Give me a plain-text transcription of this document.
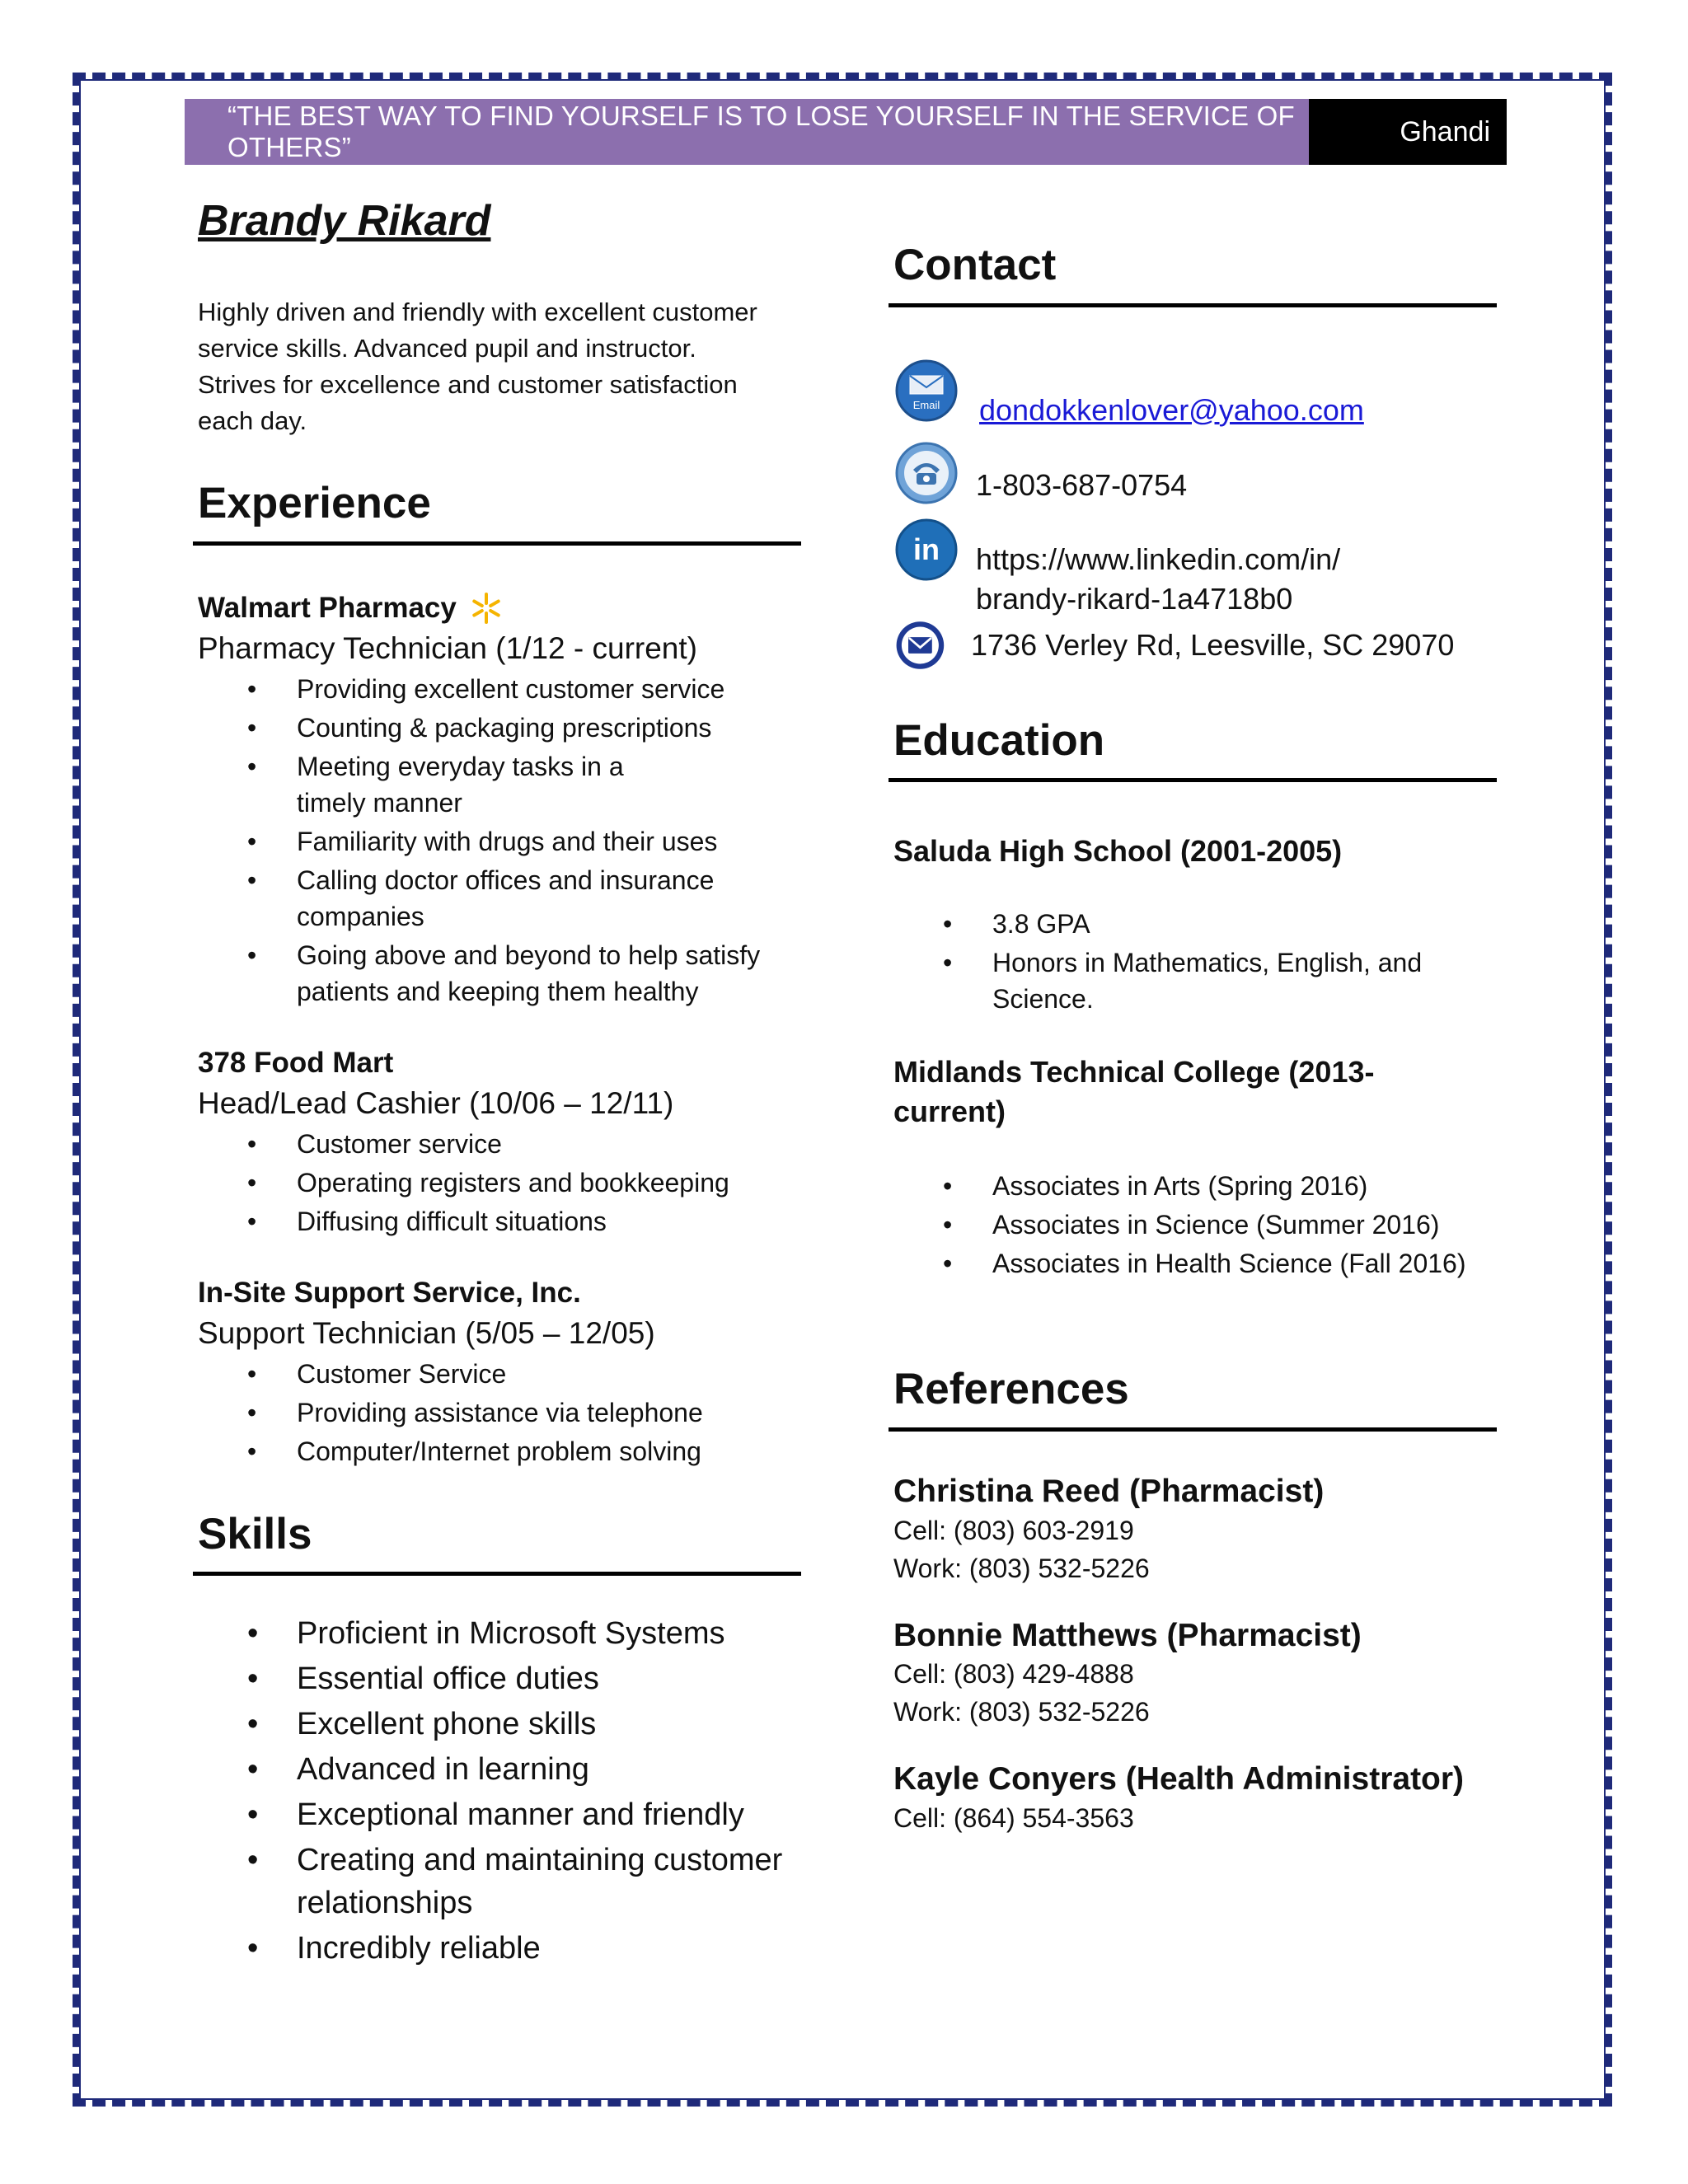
“THE BEST WAY TO FIND YOURSELF IS TO LOSE YOURSELF IN THE SERVICE OF OTHERS”	Ghandi
Brandy Rikard

Highly driven and friendly with excellent customer service skills. Advanced pupil and instructor. Strives for excellence and customer satisfaction each day.

Experience

Walmart Pharmacy

Pharmacy Technician (1/12 - current)

• Providing excellent customer service
• Counting & packaging prescriptions
• Meeting everyday tasks in a timely manner
• Familiarity with drugs and their uses
• Calling doctor offices and insurance companies
• Going above and beyond to help satisfy patients and keeping them healthy

378 Food Mart

Head/Lead Cashier (10/06 – 12/11)

• Customer service
• Operating registers and bookkeeping
• Diffusing difficult situations

In-Site Support Service, Inc.

Support Technician (5/05 – 12/05)

• Customer Service
• Providing assistance via telephone
• Computer/Internet problem solving
Skills
• Proficient in Microsoft Systems
• Essential office duties
• Excellent phone skills
• Advanced in learning
• Exceptional manner and friendly
• Creating and maintaining customer relationships
• Incredibly reliable
Contact
Email dondokkenlover@yahoo.com
1-803-687-0754
in https://www.linkedin.com/in/
brandy-rikard-1a4718b0
1736 Verley Rd, Leesville, SC 29070
Education

Saluda High School (2001-2005)

• 3.8 GPA
• Honors in Mathematics, English, and Science.

Midlands Technical College (2013-current)

• Associates in Arts (Spring 2016)
• Associates in Science (Summer 2016)
• Associates in Health Science (Fall 2016)
References

Christina Reed (Pharmacist)

Cell: (803) 603-2919

Work: (803) 532-5226

Bonnie Matthews (Pharmacist)

Cell: (803) 429-4888

Work: (803) 532-5226

Kayle Conyers (Health Administrator)

Cell: (864) 554-3563
